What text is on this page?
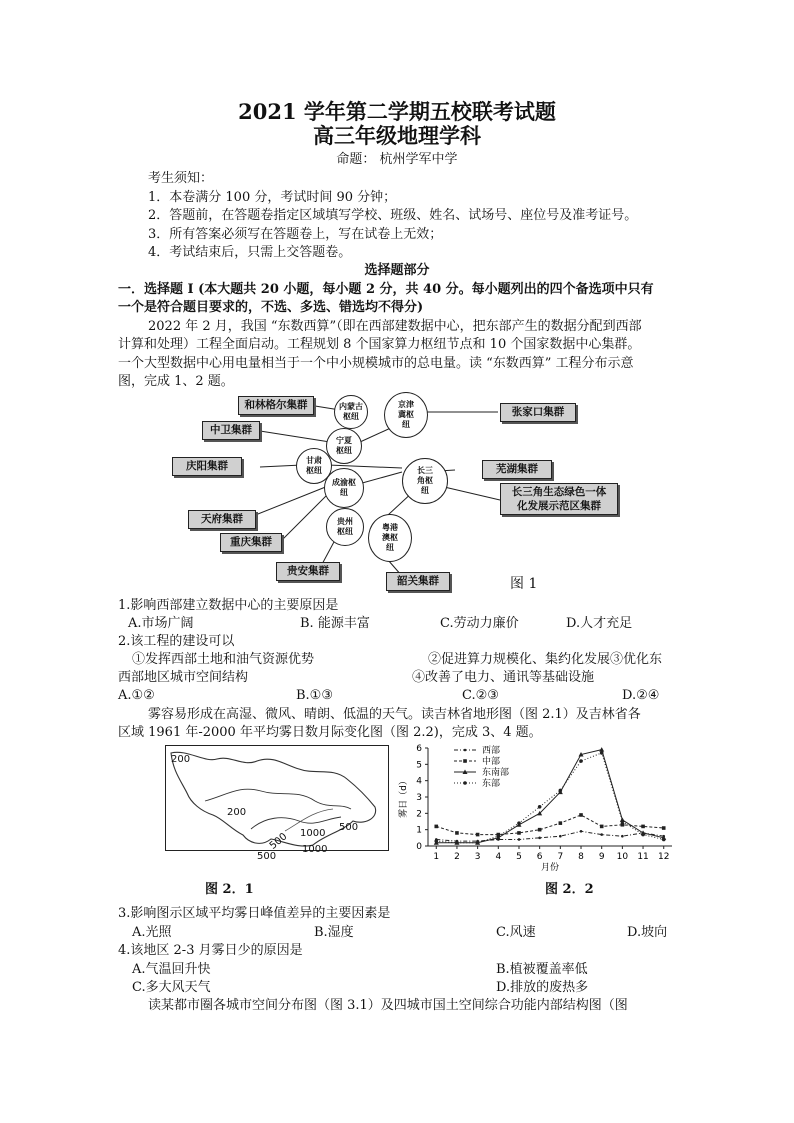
2021 学年第二学期五校联考试题
高三年级地理学科
命题： 杭州学军中学
考生须知：
1．本卷满分 100 分，考试时间 90 分钟；
2．答题前，在答题卷指定区域填写学校、班级、姓名、试场号、座位号及准考证号。
3．所有答案必须写在答题卷上，写在试卷上无效；
4．考试结束后，只需上交答题卷。
选择题部分
一．选择题 I (本大题共 20 小题，每小题 2 分，共 40 分。每小题列出的四个备选项中只有
一个是符合题目要求的，不选、多选、错选均不得分)
2022 年 2 月，我国 “东数西算”（即在西部建数据中心，把东部产生的数据分配到西部
计算和处理）工程全面启动。工程规划 8 个国家算力枢纽节点和 10 个国家数据中心集群。
一个大型数据中心用电量相当于一个中小规模城市的总电量。读 “东数西算” 工程分布示意
图，完成 1、2 题。
和林格尔集群
中卫集群
庆阳集群
天府集群
重庆集群
贵安集群
韶关集群
张家口集群
芜湖集群
长三角生态绿色一体
化发展示范区集群
内蒙古
枢纽
京津
冀枢
纽
宁夏
枢纽
甘肃
枢纽
成渝枢
纽
长三
角枢
纽
贵州
枢纽	粤港
澳枢
纽
图 1
1.影响西部建立数据中心的主要原因是
A.市场广阔	B. 能源丰富	C.劳动力廉价	D.人才充足
2.该工程的建设可以
①发挥西部土地和油气资源优势	②促进算力规模化、集约化发展③优化东
西部地区城市空间结构	④改善了电力、通讯等基础设施
A.①②	B.①③	C.②③	D.②④
雾容易形成在高湿、微风、晴朗、低温的天气。读吉林省地形图（图 2.1）及吉林省各
区域 1961 年-2000 年平均雾日数月际变化图（图 2.2)，完成 3、4 题。
200
200
1000
1000
500
500
500
图 2．1
0
1
2
3
4
5
6
1 2 3 4 5 6 7 8 9 10 11 12
月份
雾日（d）
西部
中部
东南部
东部
图 2．2
3.影响图示区域平均雾日峰值差异的主要因素是
A.光照	B.湿度	C.风速	D.坡向
4.该地区 2-3 月雾日少的原因是
A.气温回升快	B.植被覆盖率低
C.多大风天气	D.排放的废热多
读某都市圈各城市空间分布图（图 3.1）及四城市国土空间综合功能内部结构图（图
